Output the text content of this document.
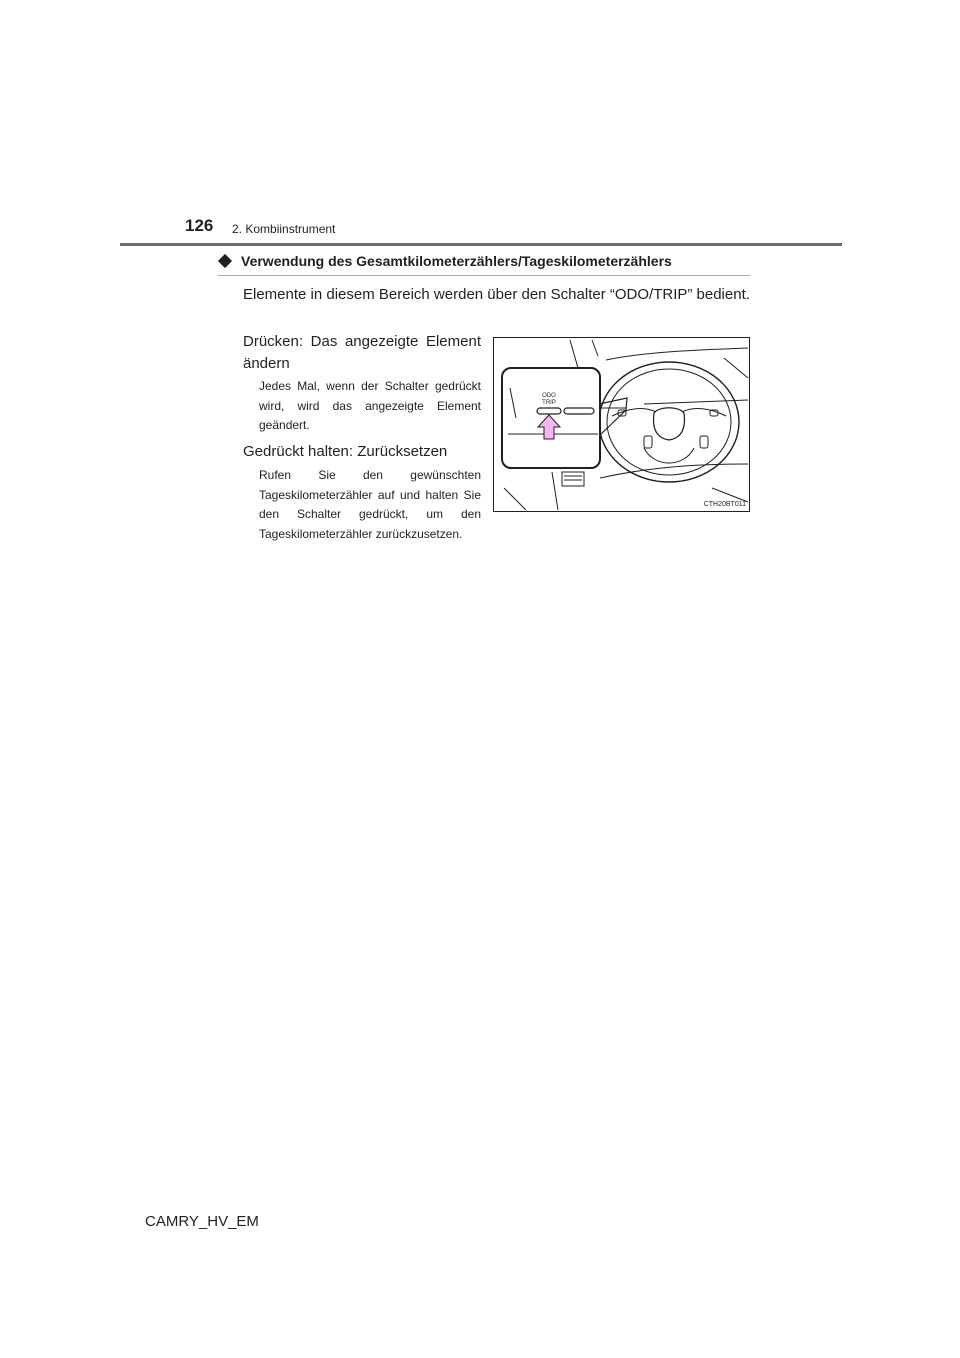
126 2. Kombiinstrument
Verwendung des Gesamtkilometerzählers/Tageskilometerzählers
Elemente in diesem Bereich werden über den Schalter “ODO/TRIP” bedient.
Drücken: Das angezeigte Element ändern
Jedes Mal, wenn der Schalter gedrückt wird, wird das angezeigte Element geändert.
Gedrückt halten: Zurücksetzen
Rufen Sie den gewünschten Tageskilometerzähler auf und halten Sie den Schalter gedrückt, um den Tageskilometerzähler zurückzusetzen.
ODO
TRIP
CTH20BT011
CAMRY_HV_EM
